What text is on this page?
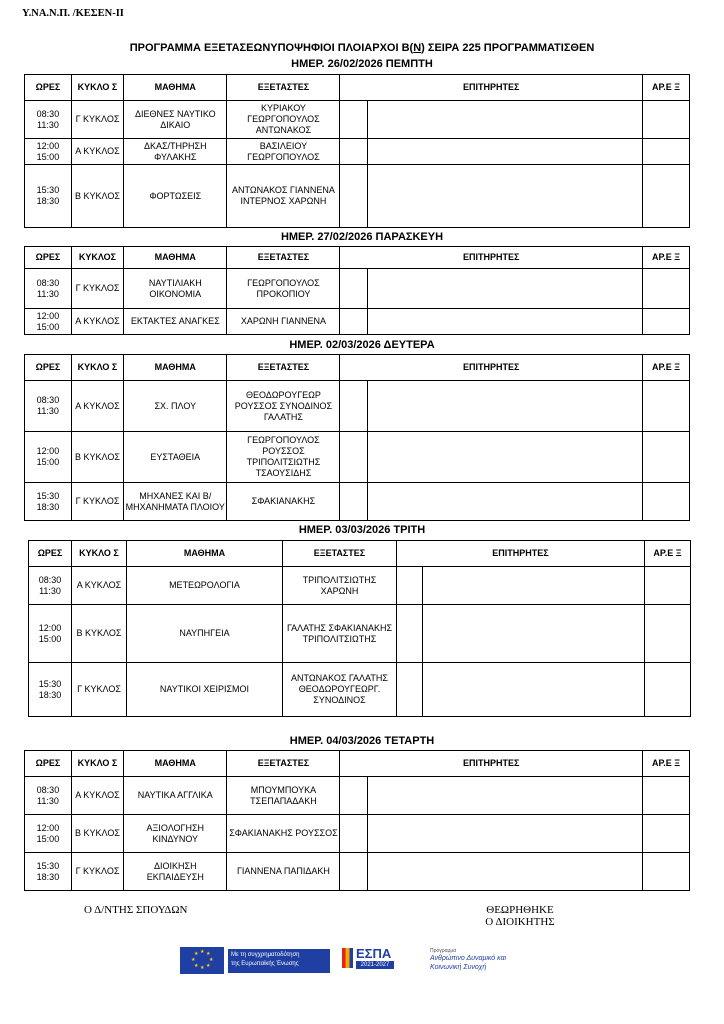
Υ.ΝΑ.Ν.Π. /ΚΕΣΕΝ-ΙΙ
ΠΡΟΓΡΑΜΜΑ ΕΞΕΤΑΣΕΩΝΥΠΟΨΗΦΙΟΙ ΠΛΟΙΑΡΧΟΙ Β(Ν) ΣΕΙΡΑ 225 ΠΡΟΓΡΑΜΜΑΤΙΣΘΕΝ
ΗΜΕΡ. 26/02/2026 ΠΕΜΠΤΗ
ΩΡΕΣ	ΚΥΚΛΟ Σ	ΜΑΘΗΜΑ	ΕΞΕΤΑΣΤΕΣ	ΕΠΙΤΗΡΗΤΕΣ		ΑΡ.Ε Ξ
08:30 11:30	Γ ΚΥΚΛΟΣ	ΔΙΕΘΝΕΣ ΝΑΥΤΙΚΟ ΔΙΚΑΙΟ	ΚΥΡΙΑΚΟΥ ΓΕΩΡΓΟΠΟΥΛΟΣ ΑΝΤΩΝΑΚΟΣ			
12:00 15:00	Α ΚΥΚΛΟΣ	ΔΚΑΣ/ΤΗΡΗΣΗ ΦΥΛΑΚΗΣ	ΒΑΣΙΛΕΙΟΥ ΓΕΩΡΓΟΠΟΥΛΟΣ			
15:30 18:30	Β ΚΥΚΛΟΣ	ΦΟΡΤΩΣΕΙΣ	ΑΝΤΩΝΑΚΟΣ ΓΙΑΝΝΕΝΑ ΙΝΤΕΡΝΟΣ ΧΑΡΩΝΗ			
ΗΜΕΡ. 27/02/2026 ΠΑΡΑΣΚΕΥΗ
ΩΡΕΣ	ΚΥΚΛΟΣ	ΜΑΘΗΜΑ	ΕΞΕΤΑΣΤΕΣ	ΕΠΙΤΗΡΗΤΕΣ		ΑΡ.Ε Ξ
08:30 11:30	Γ ΚΥΚΛΟΣ	ΝΑΥΤΙΛΙΑΚΗ ΟΙΚΟΝΟΜΙΑ	ΓΕΩΡΓΟΠΟΥΛΟΣ ΠΡΟΚΟΠΙΟΥ			
12:00 15:00	Α ΚΥΚΛΟΣ	ΕΚΤΑΚΤΕΣ ΑΝΑΓΚΕΣ	ΧΑΡΩΝΗ ΓΙΑΝΝΕΝΑ			
ΗΜΕΡ. 02/03/2026 ΔΕΥΤΕΡΑ
ΩΡΕΣ	ΚΥΚΛΟ Σ	ΜΑΘΗΜΑ	ΕΞΕΤΑΣΤΕΣ	ΕΠΙΤΗΡΗΤΕΣ		ΑΡ.Ε Ξ
08:30 11:30	Α ΚΥΚΛΟΣ	ΣΧ. ΠΛΟΥ	ΘΕΟΔΩΡΟΥΓΕΩΡ ΡΟΥΣΣΟΣ ΣΥΝΟΔΙΝΟΣ ΓΑΛΑΤΗΣ			
12:00 15:00	Β ΚΥΚΛΟΣ	ΕΥΣΤΑΘΕΙΑ	ΓΕΩΡΓΟΠΟΥΛΟΣ ΡΟΥΣΣΟΣ ΤΡΙΠΟΛΙΤΣΙΩΤΗΣ ΤΣΑΟΥΣΙΔΗΣ			
15:30 18:30	Γ ΚΥΚΛΟΣ	ΜΗΧΑΝΕΣ ΚΑΙ Β/ΜΗΧΑΝΗΜΑΤΑ ΠΛΟΙΟΥ	ΣΦΑΚΙΑΝΑΚΗΣ			
ΗΜΕΡ. 03/03/2026 ΤΡΙΤΗ
ΩΡΕΣ	ΚΥΚΛΟ Σ	ΜΑΘΗΜΑ	ΕΞΕΤΑΣΤΕΣ	ΕΠΙΤΗΡΗΤΕΣ		ΑΡ.Ε Ξ
08:30 11:30	Α ΚΥΚΛΟΣ	ΜΕΤΕΩΡΟΛΟΓΙΑ	ΤΡΙΠΟΛΙΤΣΙΩΤΗΣ ΧΑΡΩΝΗ			
12:00 15:00	Β ΚΥΚΛΟΣ	ΝΑΥΠΗΓΕΙΑ	ΓΑΛΑΤΗΣ ΣΦΑΚΙΑΝΑΚΗΣ ΤΡΙΠΟΛΙΤΣΙΩΤΗΣ			
15:30 18:30	Γ ΚΥΚΛΟΣ	ΝΑΥΤΙΚΟΙ ΧΕΙΡΙΣΜΟΙ	ΑΝΤΩΝΑΚΟΣ ΓΑΛΑΤΗΣ ΘΕΟΔΩΡΟΥΓΕΩΡΓ. ΣΥΝΟΔΙΝΟΣ			
ΗΜΕΡ. 04/03/2026 ΤΕΤΑΡΤΗ
ΩΡΕΣ	ΚΥΚΛΟ Σ	ΜΑΘΗΜΑ	ΕΞΕΤΑΣΤΕΣ	ΕΠΙΤΗΡΗΤΕΣ		ΑΡ.Ε Ξ
08:30 11:30	Α ΚΥΚΛΟΣ	ΝΑΥΤΙΚΑ ΑΓΓΛΙΚΑ	ΜΠΟΥΜΠΟΥΚΑ ΤΣΕΠΑΠΑΔΑΚΗ			
12:00 15:00	Β ΚΥΚΛΟΣ	ΑΞΙΟΛΟΓΗΣΗ ΚΙΝΔΥΝΟΥ	ΣΦΑΚΙΑΝΑΚΗΣ ΡΟΥΣΣΟΣ			
15:30 18:30	Γ ΚΥΚΛΟΣ	ΔΙΟΙΚΗΣΗ ΕΚΠΑΙΔΕΥΣΗ	ΓΙΑΝΝΕΝΑ ΠΑΠΙΔΑΚΗ			
Ο Δ/ΝΤΗΣ ΣΠΟΥΔΩΝ	ΘΕΩΡΗΘΗΚΕ
Ο ΔΙΟΙΚΗΤΗΣ
★ ★
★
★
★
★
★
★	Με τη συγχρηματοδότηση
της Ευρωπαϊκής Ένωσης
ΕΣΠΑ
2021-2027
Πρόγραμμα
Ανθρώπινο Δυναμικό και
Κοινωνική Συνοχή
